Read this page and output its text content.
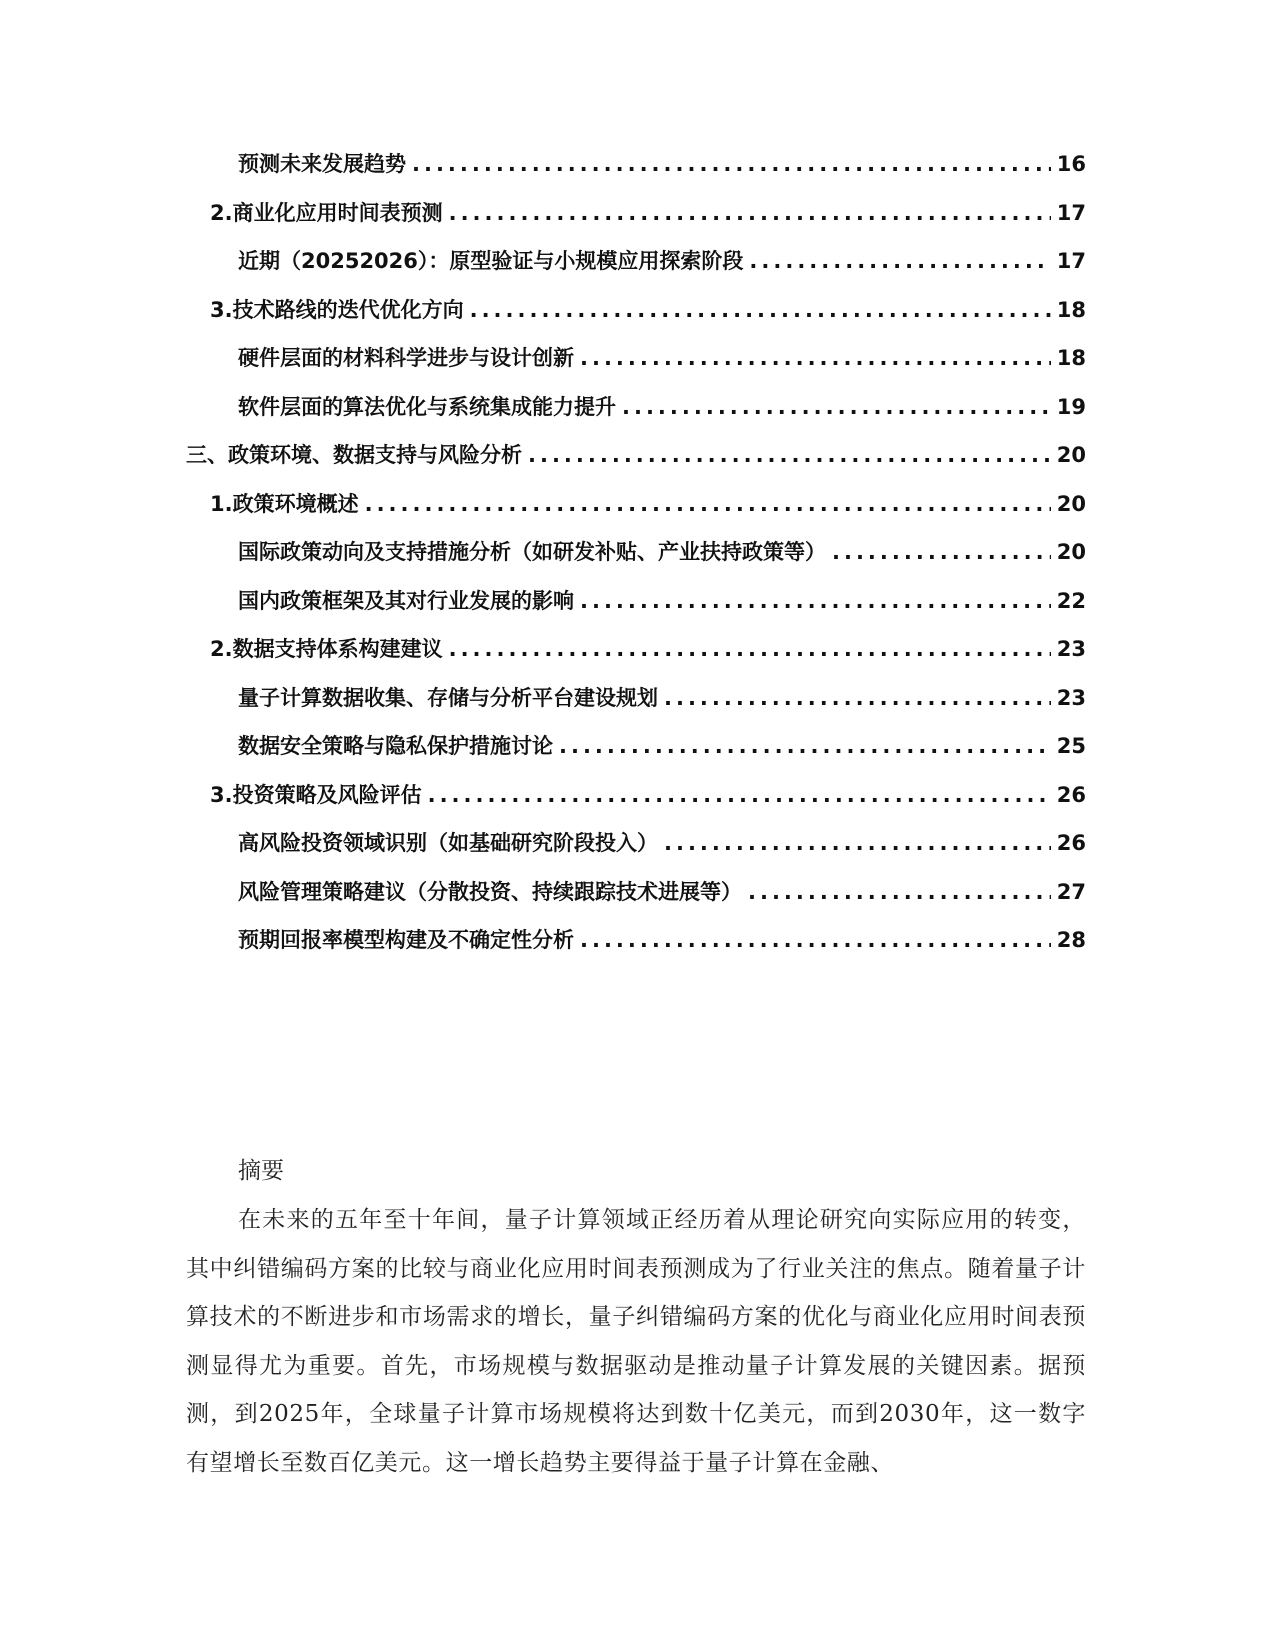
预测未来发展趋势 .....	16
2. 商业化应用时间表预测 .....	17
近期（20252026）：原型验证与小规模应用探索阶段 .....	17
3. 技术路线的迭代优化方向 .....	18
硬件层面的材料科学进步与设计创新 .....	18
软件层面的算法优化与系统集成能力提升 .....	19
三、政策环境、数据支持与风险分析 .....	20
1. 政策环境概述 .....	20
国际政策动向及支持措施分析（如研发补贴、产业扶持政策等） .....	20
国内政策框架及其对行业发展的影响 .....	22
2. 数据支持体系构建建议 .....	23
量子计算数据收集、存储与分析平台建设规划 .....	23
数据安全策略与隐私保护措施讨论 .....	25
3. 投资策略及风险评估 .....	26
高风险投资领域识别（如基础研究阶段投入） .....	26
风险管理策略建议（分散投资、持续跟踪技术进展等） .....	27
预期回报率模型构建及不确定性分析 .....	28
摘要

在未来的五年至十年间，量子计算领域正经历着从理论研究向实际应用的转变，其中纠错编码方案的比较与商业化应用时间表预测成为了行业关注的焦点。随着量子计算技术的不断进步和市场需求的增长，量子纠错编码方案的优化与商业化应用时间表预测显得尤为重要。首先，市场规模与数据驱动是推动量子计算发展的关键因素。据预测，到2025年，全球量子计算市场规模将达到数十亿美元，而到2030年，这一数字有望增长至数百亿美元。这一增长趋势主要得益于量子计算在金融、
